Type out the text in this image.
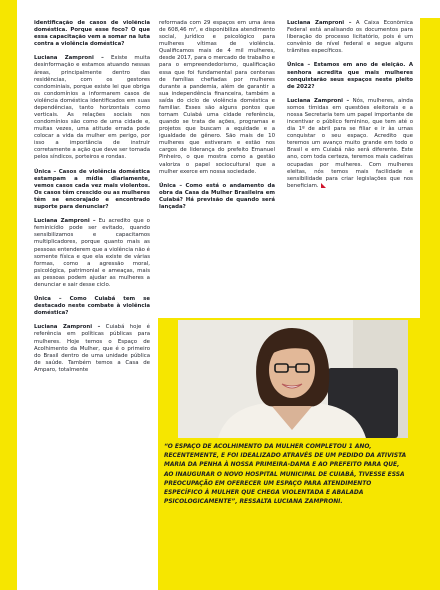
identificação de casos de violência doméstica. Porque esse foco? O que essa capacitação vem a somar na luta contra a violência doméstica?

Luciana Zamproni – Existe muita desinformação e estamos atuando nessas áreas, principalmente dentro das residências, com os gestores condominiais, porque existe lei que obriga os condomínios a informarem casos de violência doméstica identificados em suas dependências, tanto horizontais como verticais. As relações sociais nos condomínios são como de uma cidade e, muitas vezes, uma atitude errada pode colocar a vida da mulher em perigo, por isso a importância de instruir corretamente a ação que deve ser tomada pelos síndicos, porteiros e rondas.

Única – Casos de violência doméstica estampam a mídia diariamente, vemos casos cada vez mais violentos. Os casos têm crescido ou as mulheres têm se encorajado e encontrado suporte para denunciar?

Luciana Zamproni – Eu acredito que o feminicídio pode ser evitado, quando sensibilizamos e capacitamos multiplicadores, porque quanto mais as pessoas entenderem que a violência não é somente física e que ela existe de várias formas, como a agressão moral, psicológica, patrimonial e ameaças, mais as pessoas podem ajudar as mulheres a denunciar e sair desse ciclo.

Única – Como Cuiabá tem se destacado neste combate à violência doméstica?

Luciana Zamproni – Cuiabá hoje é referência em políticas públicas para mulheres. Hoje temos o Espaço de Acolhimento da Mulher, que é o primeiro do Brasil dentro de uma unidade pública de saúde. Também temos a Casa de Amparo, totalmente

reformada com 29 espaços em uma área de 608,46 m², e disponibiliza atendimento social, jurídico e psicológico para mulheres vítimas de violência. Qualificamos mais de 4 mil mulheres, desde 2017, para o mercado de trabalho e para o empreendedorismo, qualificação essa que foi fundamental para centenas de famílias chefiadas por mulheres durante a pandemia, além de garantir a sua independência financeira, também a saída do ciclo de violência doméstica e familiar. Esses são alguns pontos que tornam Cuiabá uma cidade referência, quando se trata de ações, programas e projetos que buscam a equidade e a igualdade de gênero. São mais de 10 mulheres que estiveram e estão nos cargos de liderança do prefeito Emanuel Pinheiro, o que mostra como a gestão valoriza o papel sociocultural que a mulher exerce em nossa sociedade.

Única – Como está o andamento da obra da Casa da Mulher Brasileira em Cuiabá? Há previsão de quando será lançada?

Luciana Zamproni – A Caixa Econômica Federal está analisando os documentos para liberação do processo licitatório, pois é um convênio de nível federal e segue alguns trâmites específicos.

Única – Estamos em ano de eleição. A senhora acredita que mais mulheres conquistarão seus espaços neste pleito de 2022?

Luciana Zamproni – Nós, mulheres, ainda somos tímidas em questões eleitorais e a nossa Secretaria tem um papel importante de incentivar o público feminino, que tem até o dia 1º de abril para se filiar e ir às urnas conquistar o seu espaço. Acredito que teremos um avanço muito grande em todo o Brasil e em Cuiabá não será diferente. Este ano, com toda certeza, teremos mais cadeiras ocupadas por mulheres. Com mulheres eleitas, nós temos mais facilidade e sensibilidade para criar legislações que nos beneficiam.

“O ESPAÇO DE ACOLHIMENTO DA MULHER COMPLETOU 1 ANO, RECENTEMENTE, E FOI IDEALIZADO ATRAVÉS DE UM PEDIDO DA ATIVISTA MARIA DA PENHA À NOSSA PRIMEIRA-DAMA E AO PREFEITO PARA QUE, AO INAUGURAR O NOVO HOSPITAL MUNICIPAL DE CUIABÁ, TIVESSE ESSA PREOCUPAÇÃO EM OFERECER UM ESPAÇO PARA ATENDIMENTO ESPECÍFICO À MULHER QUE CHEGA VIOLENTADA E ABALADA PSICOLOGICAMENTE”, RESSALTA LUCIANA ZAMPRONI.
